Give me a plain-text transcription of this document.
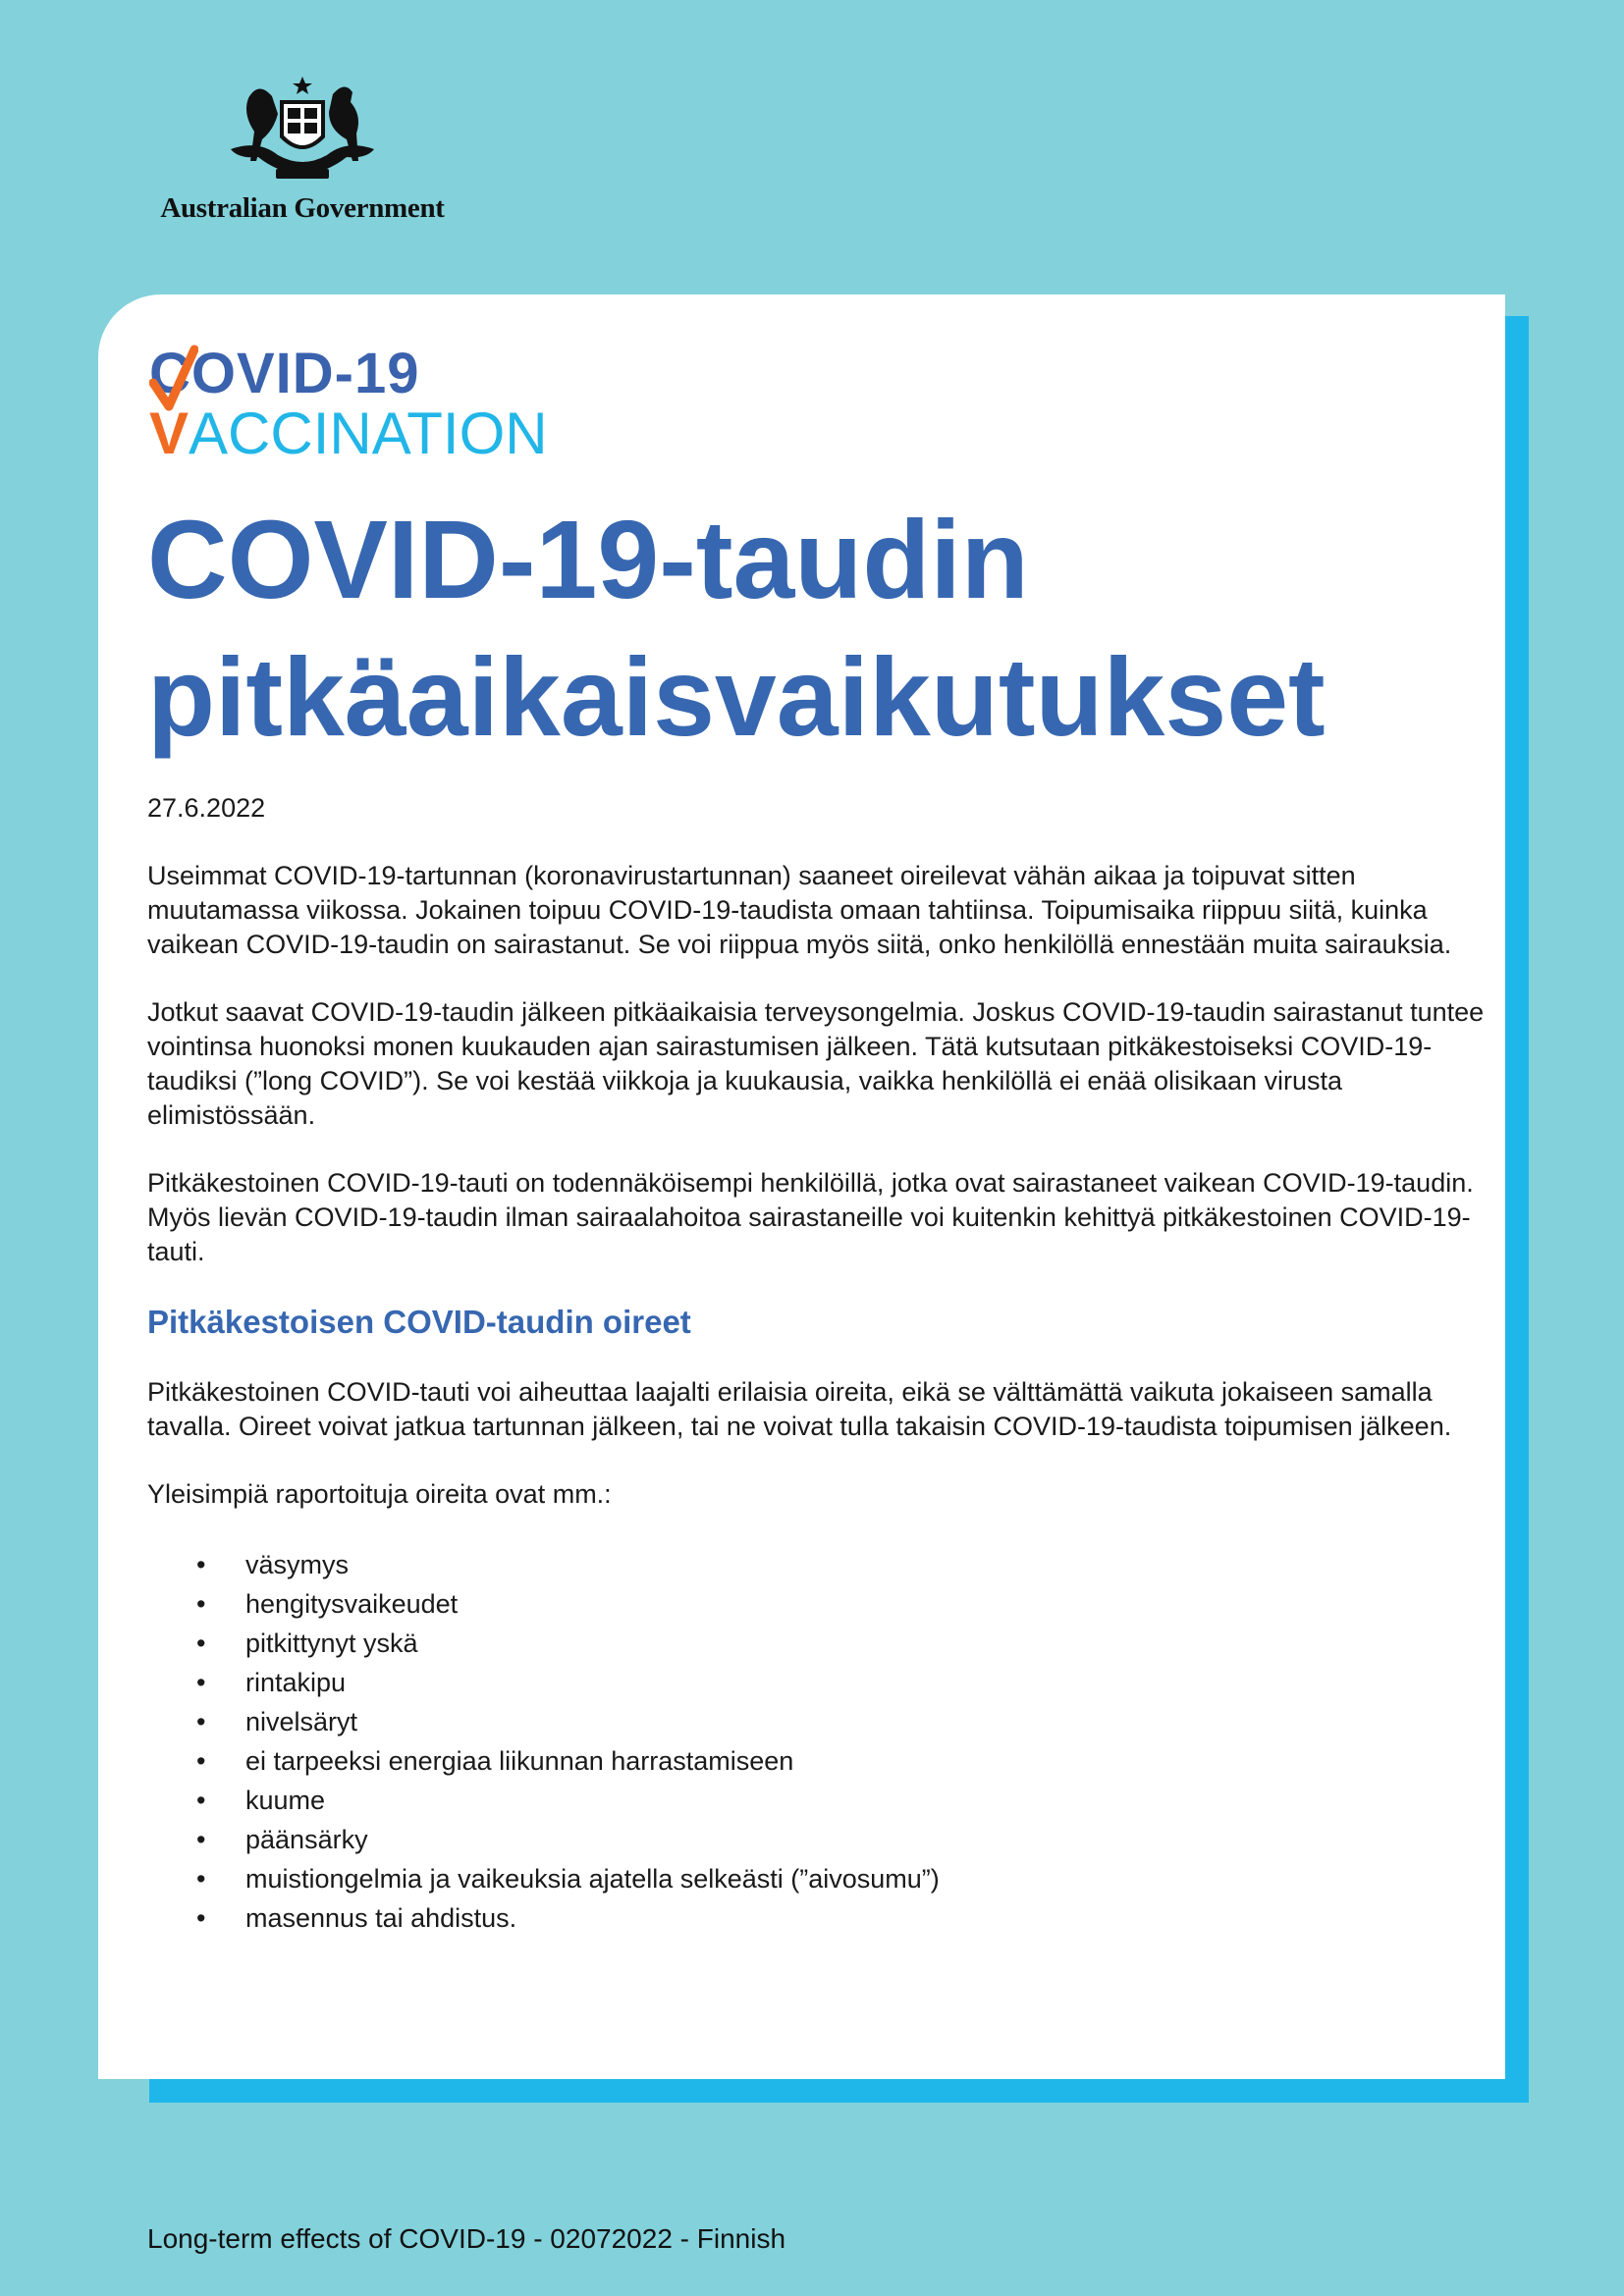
Australian Government
COVID-19
VACCINATION
COVID-19-taudin pitkäaikaisvaikutukset

27.6.2022

Useimmat COVID-19-tartunnan (koronavirustartunnan) saaneet oireilevat vähän aikaa ja toipuvat sitten muutamassa viikossa. Jokainen toipuu COVID-19-taudista omaan tahtiinsa. Toipumisaika riippuu siitä, kuinka vaikean COVID-19-taudin on sairastanut. Se voi riippua myös siitä, onko henkilöllä ennestään muita sairauksia.

Jotkut saavat COVID-19-taudin jälkeen pitkäaikaisia terveysongelmia. Joskus COVID-19-taudin sairastanut tuntee vointinsa huonoksi monen kuukauden ajan sairastumisen jälkeen. Tätä kutsutaan pitkäkestoiseksi COVID-19-taudiksi (”long COVID”). Se voi kestää viikkoja ja kuukausia, vaikka henkilöllä ei enää olisikaan virusta elimistössään.

Pitkäkestoinen COVID-19-tauti on todennäköisempi henkilöillä, jotka ovat sairastaneet vaikean COVID-19-taudin. Myös lievän COVID-19-taudin ilman sairaalahoitoa sairastaneille voi kuitenkin kehittyä pitkäkestoinen COVID-19-tauti.

Pitkäkestoisen COVID-taudin oireet

Pitkäkestoinen COVID-tauti voi aiheuttaa laajalti erilaisia oireita, eikä se välttämättä vaikuta jokaiseen samalla tavalla. Oireet voivat jatkua tartunnan jälkeen, tai ne voivat tulla takaisin COVID-19-taudista toipumisen jälkeen.

Yleisimpiä raportoituja oireita ovat mm.:

• väsymys
• hengitysvaikeudet
• pitkittynyt yskä
• rintakipu
• nivelsäryt
• ei tarpeeksi energiaa liikunnan harrastamiseen
• kuume
• päänsärky
• muistiongelmia ja vaikeuksia ajatella selkeästi (”aivosumu”)
• masennus tai ahdistus.
Long-term effects of COVID-19 - 02072022 - Finnish
